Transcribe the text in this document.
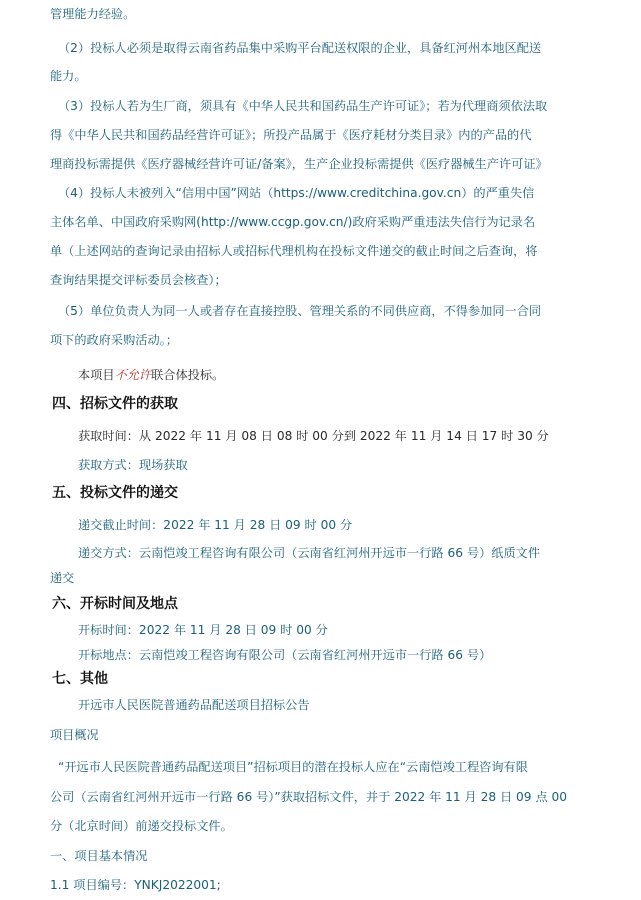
管理能力经验。
（2）投标人必须是取得云南省药品集中采购平台配送权限的企业，具备红河州本地区配送
能力。
（3）投标人若为生厂商，须具有《中华人民共和国药品生产许可证》；若为代理商须依法取
得《中华人民共和国药品经营许可证》；所投产品属于《医疗耗材分类目录》内的产品的代
理商投标需提供《医疗器械经营许可证/备案》，生产企业投标需提供《医疗器械生产许可证》
（4）投标人未被列入“信用中国”网站（https://www.creditchina.gov.cn）的严重失信
主体名单、中国政府采购网(http://www.ccgp.gov.cn/)政府采购严重违法失信行为记录名
单（上述网站的查询记录由招标人或招标代理机构在投标文件递交的截止时间之后查询，将
查询结果提交评标委员会核查）；
（5）单位负责人为同一人或者存在直接控股、管理关系的不同供应商，不得参加同一合同
项下的政府采购活动。；
本项目不允许联合体投标。
四、招标文件的获取
获取时间：从 2022 年 11 月 08 日 08 时 00 分到 2022 年 11 月 14 日 17 时 30 分
获取方式：现场获取
五、投标文件的递交
递交截止时间：2022 年 11 月 28 日 09 时 00 分
递交方式：云南恺竣工程咨询有限公司（云南省红河州开远市一行路 66 号）纸质文件
递交
六、开标时间及地点
开标时间：2022 年 11 月 28 日 09 时 00 分
开标地点：云南恺竣工程咨询有限公司（云南省红河州开远市一行路 66 号）
七、其他
开远市人民医院普通药品配送项目招标公告
项目概况
“开远市人民医院普通药品配送项目”招标项目的潜在投标人应在“云南恺竣工程咨询有限
公司（云南省红河州开远市一行路 66 号）”获取招标文件，并于 2022 年 11 月 28 日 09 点 00
分（北京时间）前递交投标文件。
一、项目基本情况
1.1 项目编号：YNKJ2022001;
